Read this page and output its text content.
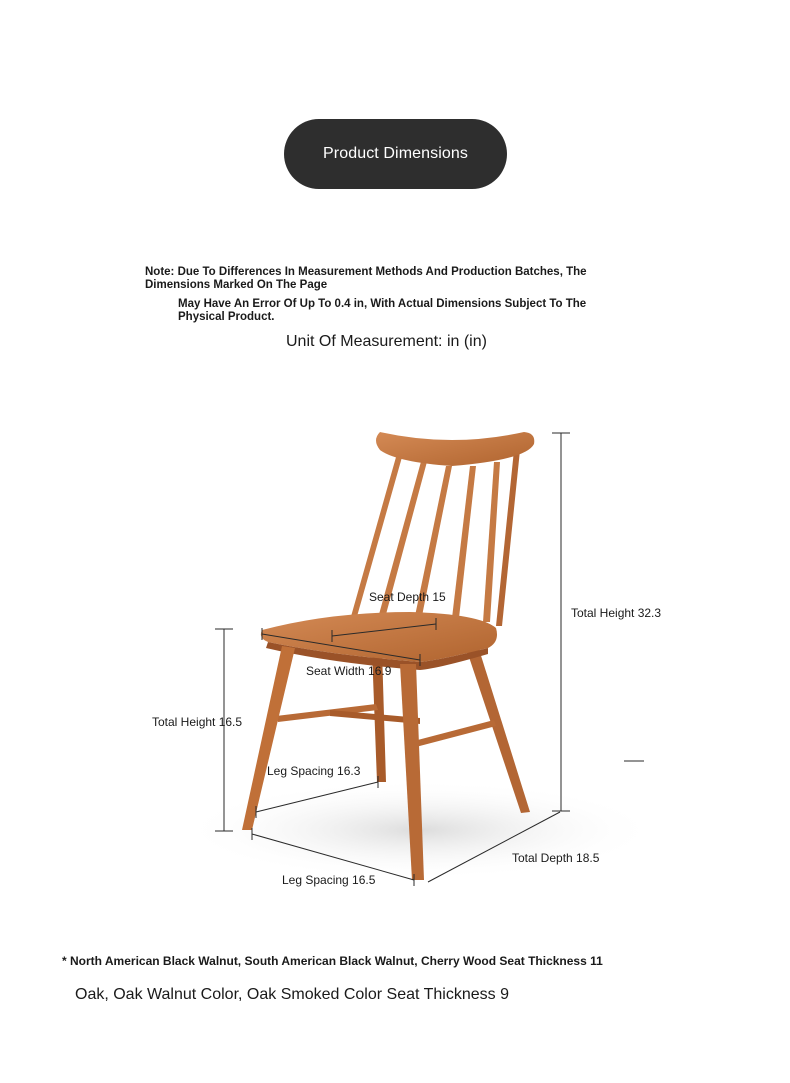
Product Dimensions
Note: Due To Differences In Measurement Methods And Production Batches, The Dimensions Marked On The Page
May Have An Error Of Up To 0.4 in, With Actual Dimensions Subject To The Physical Product.
Unit Of Measurement: in (in)
Seat Depth 15
Seat Width 16.9
Total Height 32.3
Total Height 16.5
Leg Spacing 16.3
Leg Spacing 16.5
Total Depth 18.5
* North American Black Walnut, South American Black Walnut, Cherry Wood Seat Thickness 11
Oak, Oak Walnut Color, Oak Smoked Color Seat Thickness 9
